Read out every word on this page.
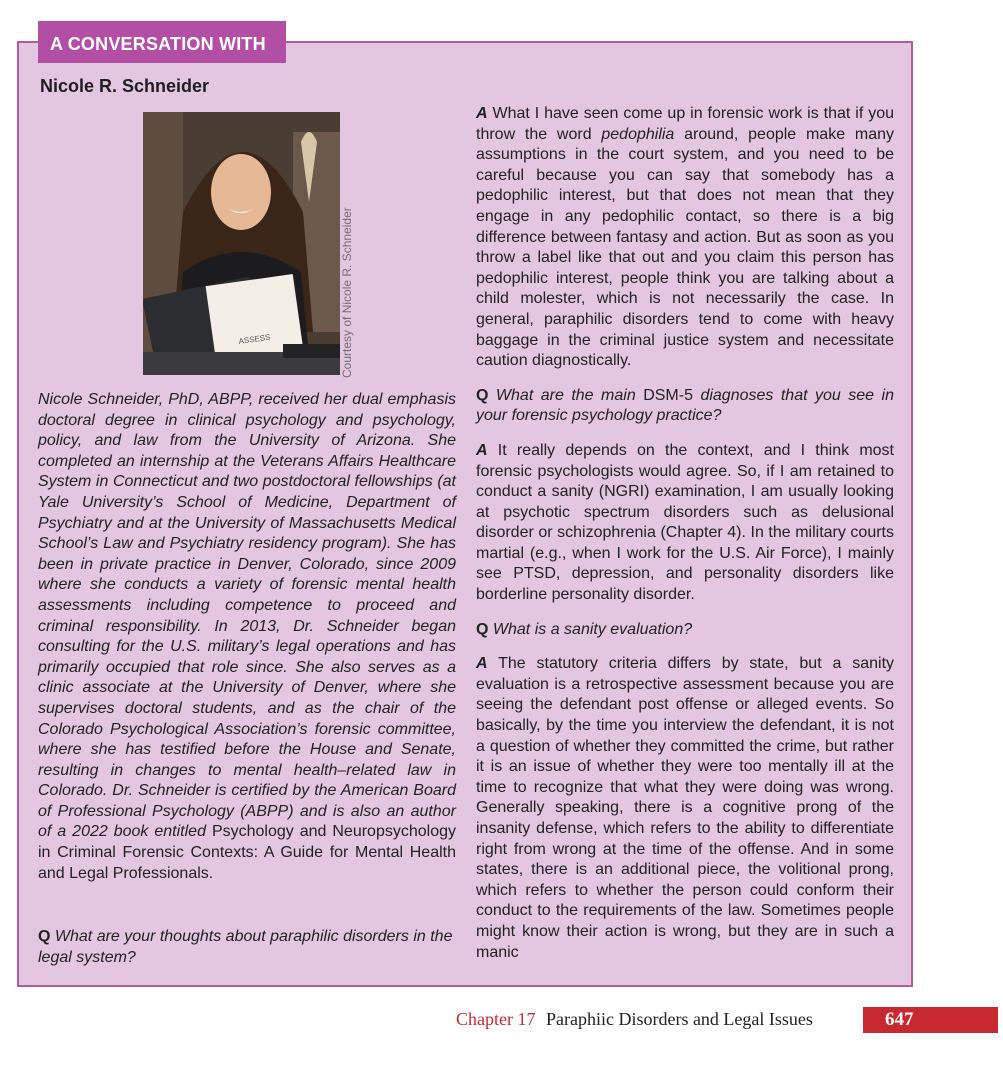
A CONVERSATION WITH
Nicole R. Schneider
ASSESS	Courtesy of Nicole R. Schneider
Nicole Schneider, PhD, ABPP, received her dual emphasis doctoral degree in clinical psychology and psychology, policy, and law from the University of Arizona. She completed an internship at the Veterans Affairs Healthcare System in Connecticut and two postdoctoral fellowships (at Yale University’s School of Medicine, Department of Psychiatry and at the University of Massachusetts Medical School’s Law and Psychiatry residency program). She has been in private practice in Denver, Colorado, since 2009 where she conducts a variety of forensic mental health assessments including competence to proceed and criminal responsibility. In 2013, Dr. Schneider began consulting for the U.S. military’s legal operations and has primarily occupied that role since. She also serves as a clinic associate at the University of Denver, where she supervises doctoral students, and as the chair of the Colorado Psychological Association’s forensic committee, where she has testified before the House and Senate, resulting in changes to mental health–related law in Colorado. Dr. Schneider is certified by the American Board of Professional Psychology (ABPP) and is also an author of a 2022 book entitled Psychology and Neuropsychology in Criminal Forensic Contexts: A Guide for Mental Health and Legal Professionals.
Q What are your thoughts about paraphilic disorders in the legal system?

A What I have seen come up in forensic work is that if you throw the word pedophilia around, people make many assumptions in the court system, and you need to be careful because you can say that somebody has a pedophilic interest, but that does not mean that they engage in any pedophilic contact, so there is a big difference between fantasy and action. But as soon as you throw a label like that out and you claim this person has pedophilic interest, people think you are talking about a child molester, which is not necessarily the case. In general, paraphilic disorders tend to come with heavy baggage in the criminal justice system and necessitate caution diagnostically.

Q What are the main DSM-5 diagnoses that you see in your forensic psychology practice?

A It really depends on the context, and I think most forensic psychologists would agree. So, if I am retained to conduct a sanity (NGRI) examination, I am usually looking at psychotic spectrum disorders such as delusional disorder or schizophrenia (Chapter 4). In the military courts martial (e.g., when I work for the U.S. Air Force), I mainly see PTSD, depression, and personality disorders like borderline personality disorder.

Q What is a sanity evaluation?

A The statutory criteria differs by state, but a sanity evaluation is a retrospective assessment because you are seeing the defendant post offense or alleged events. So basically, by the time you interview the defendant, it is not a question of whether they committed the crime, but rather it is an issue of whether they were too mentally ill at the time to recognize that what they were doing was wrong. Generally speaking, there is a cognitive prong of the insanity defense, which refers to the ability to differentiate right from wrong at the time of the offense. And in some states, there is an additional piece, the volitional prong, which refers to whether the person could conform their conduct to the requirements of the law. Sometimes people might know their action is wrong, but they are in such a manic

Chapter 17 Paraphiic Disorders and Legal Issues	647
